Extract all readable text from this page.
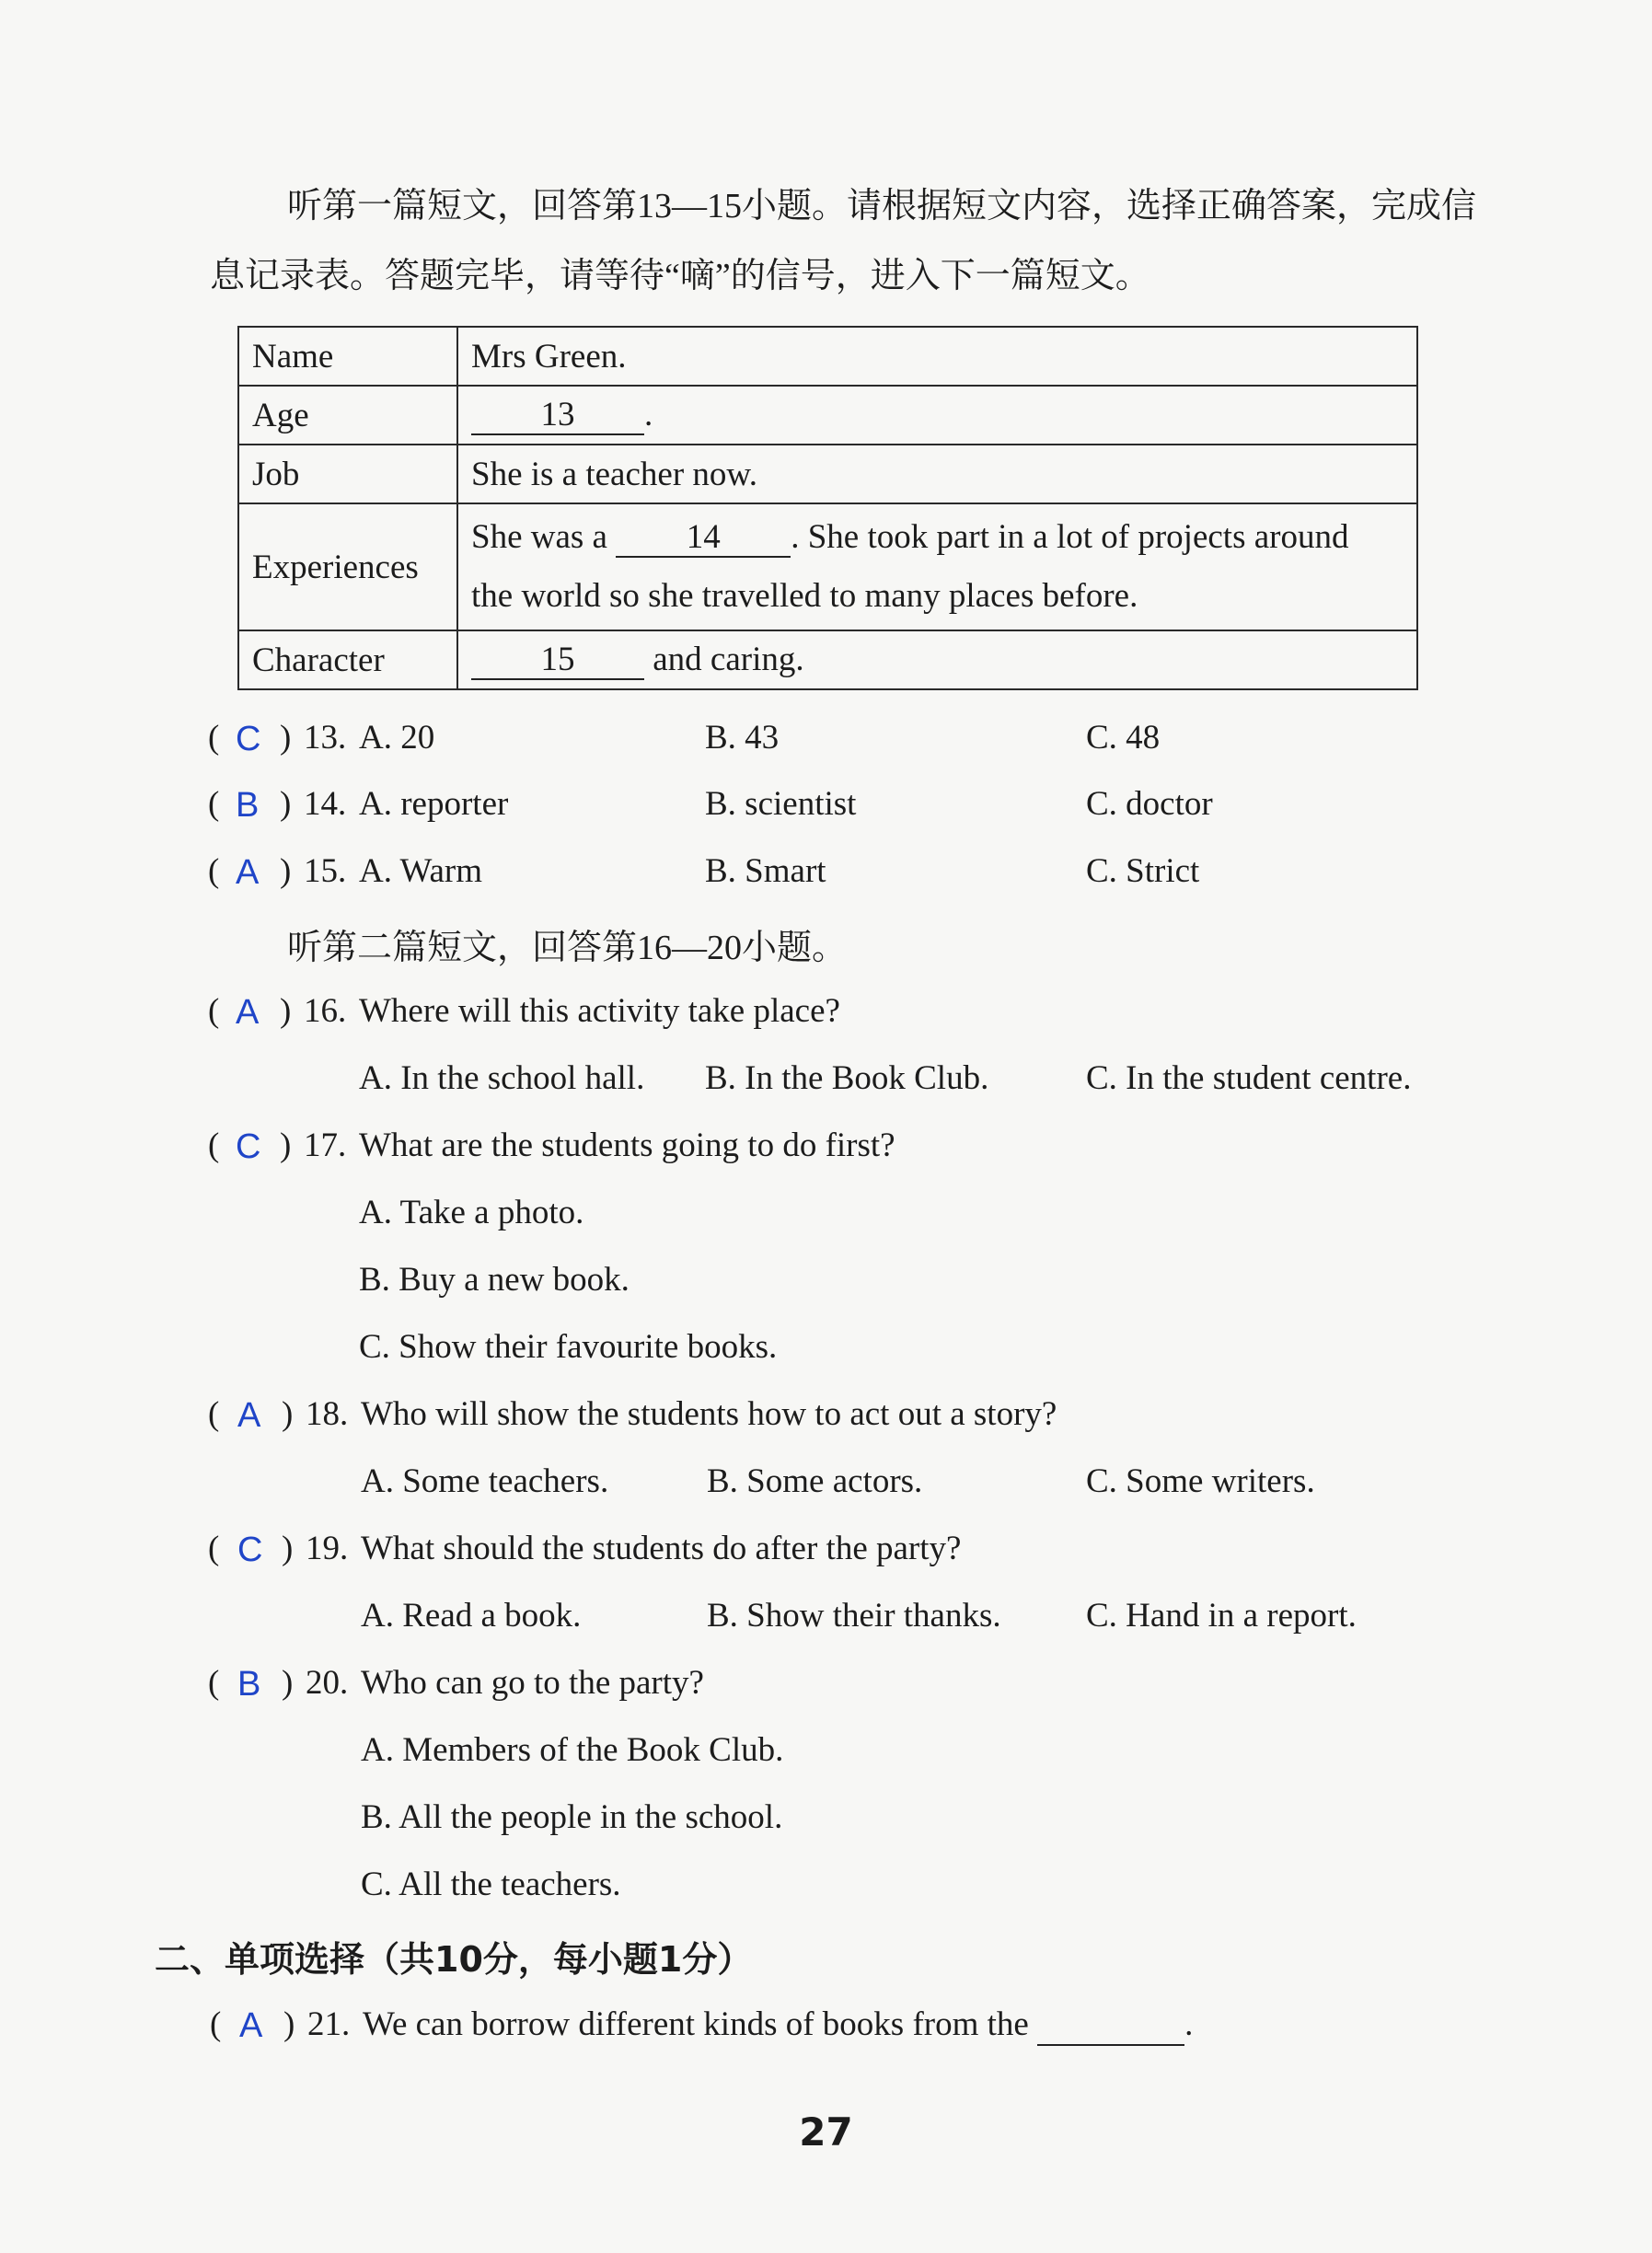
听第一篇短文，回答第13—15小题。请根据短文内容，选择正确答案，完成信
息记录表。答题完毕，请等待“嘀”的信号，进入下一篇短文。
Name	Mrs Green.
Age	13 .
Job	She is a teacher now.
Experiences	She was a 14 . She took part in a lot of projects around
the world so she travelled to many places before.
Character	15 and caring.
( C ) 13. A. 20	B. 43	C. 48
( B ) 14. A. reporter	B. scientist	C. doctor
( A ) 15. A. Warm	B. Smart	C. Strict
听第二篇短文，回答第16—20小题。
( A ) 16. Where will this activity take place?
A. In the school hall. B. In the Book Club.	C. In the student centre.
( C ) 17. What are the students going to do first?
A. Take a photo.
B. Buy a new book.
C. Show their favourite books.
( A ) 18. Who will show the students how to act out a story?
A. Some teachers.	B. Some actors.	C. Some writers.
( C ) 19. What should the students do after the party?
A. Read a book.	B. Show their thanks. C. Hand in a report.
( B ) 20. Who can go to the party?
A. Members of the Book Club.
B. All the people in the school.
C. All the teachers.
二、单项选择（共10分，每小题1分）
( A ) 21. We can borrow different kinds of books from the	.
27
